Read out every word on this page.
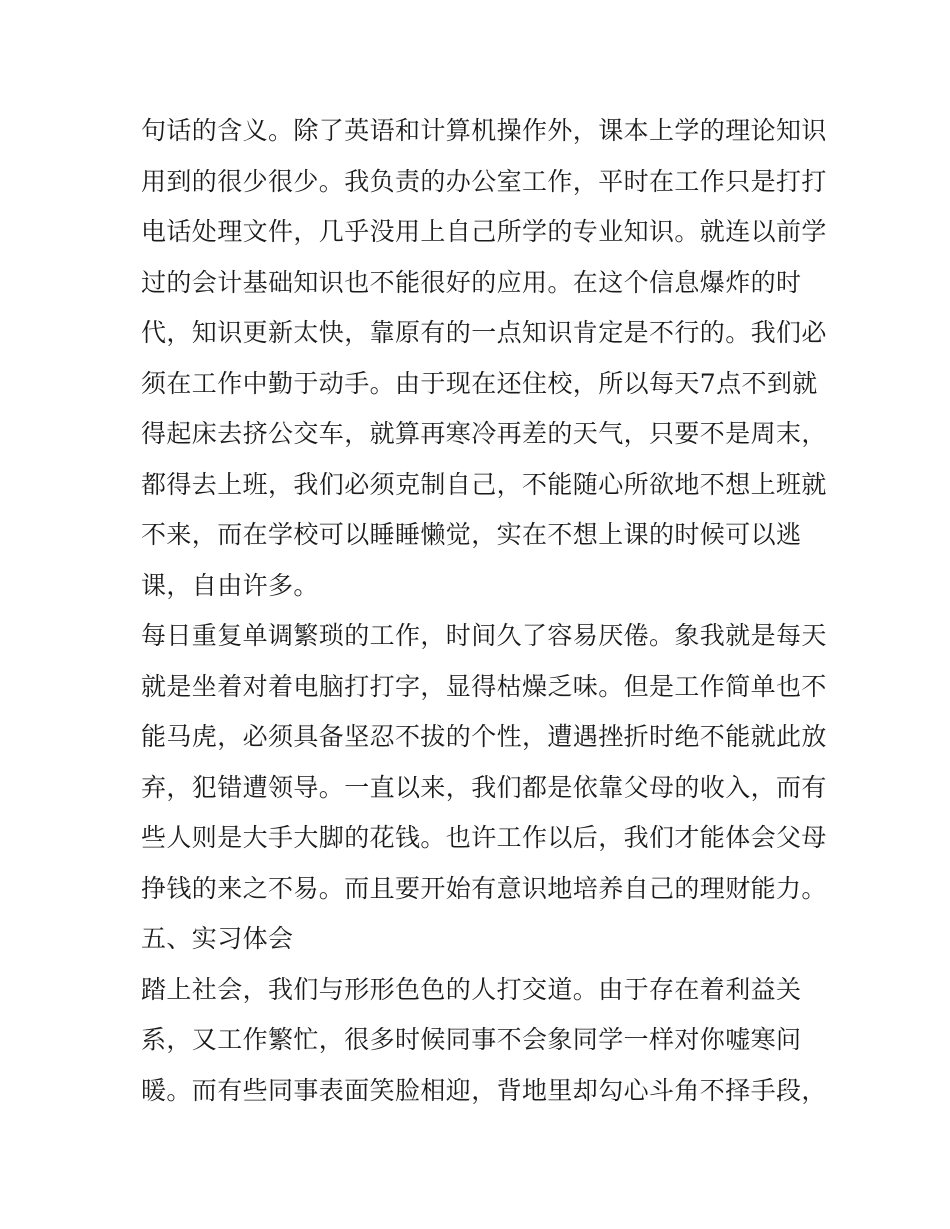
句话的含义。除了英语和计算机操作外，课本上学的理论知识
用到的很少很少。我负责的办公室工作，平时在工作只是打打
电话处理文件，几乎没用上自己所学的专业知识。就连以前学
过的会计基础知识也不能很好的应用。在这个信息爆炸的时
代，知识更新太快，靠原有的一点知识肯定是不行的。我们必
须在工作中勤于动手。由于现在还住校，所以每天7点不到就
得起床去挤公交车，就算再寒冷再差的天气，只要不是周末，
都得去上班，我们必须克制自己，不能随心所欲地不想上班就
不来，而在学校可以睡睡懒觉，实在不想上课的时候可以逃
课，自由许多。
每日重复单调繁琐的工作，时间久了容易厌倦。象我就是每天
就是坐着对着电脑打打字，显得枯燥乏味。但是工作简单也不
能马虎，必须具备坚忍不拔的个性，遭遇挫折时绝不能就此放
弃，犯错遭领导。一直以来，我们都是依靠父母的收入，而有
些人则是大手大脚的花钱。也许工作以后，我们才能体会父母
挣钱的来之不易。而且要开始有意识地培养自己的理财能力。
五、实习体会
踏上社会，我们与形形色色的人打交道。由于存在着利益关
系，又工作繁忙，很多时候同事不会象同学一样对你嘘寒问
暖。而有些同事表面笑脸相迎，背地里却勾心斗角不择手段，
